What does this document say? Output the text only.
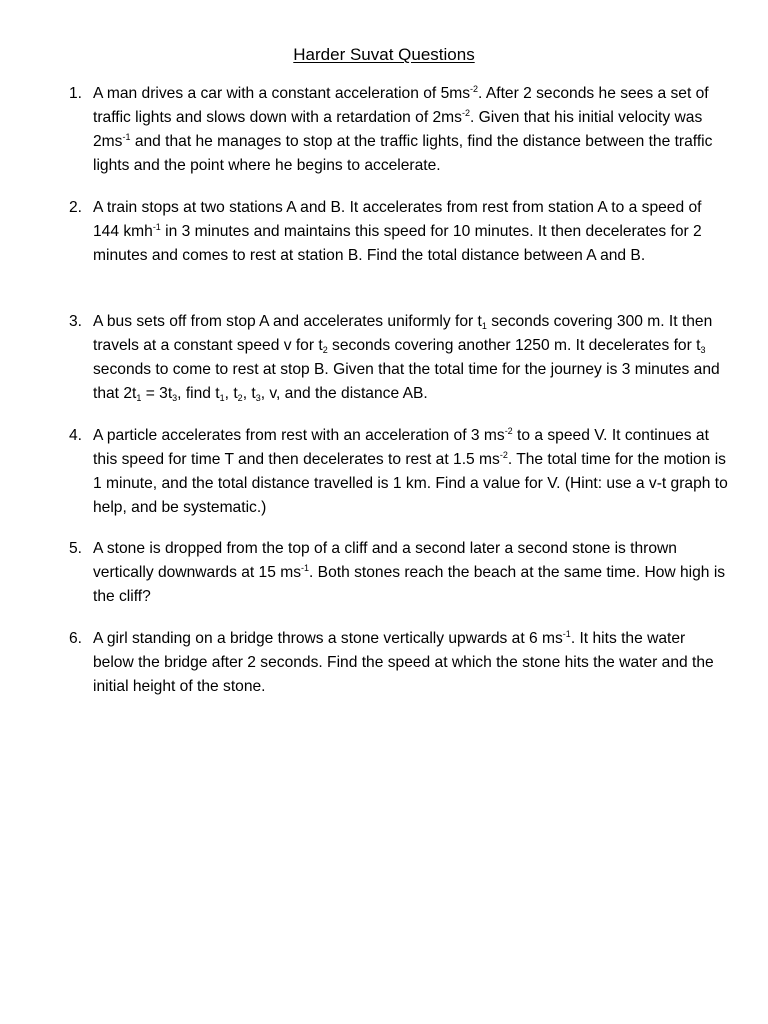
Harder Suvat Questions
1. A man drives a car with a constant acceleration of $5ms^{-2}$. After 2 seconds he sees a set of traffic lights and slows down with a retardation of $2ms^{-2}$. Given that his initial velocity was $2ms^{-1}$ and that he manages to stop at the traffic lights, find the distance between the traffic lights and the point where he begins to accelerate.
2. A train stops at two stations A and B. It accelerates from rest from station A to a speed of 144 kmh$^{-1}$ in 3 minutes and maintains this speed for 10 minutes. It then decelerates for 2 minutes and comes to rest at station B. Find the total distance between A and B.
3. A bus sets off from stop A and accelerates uniformly for $t_1$ seconds covering 300 m. It then travels at a constant speed v for $t_2$ seconds covering another 1250 m. It decelerates for $t_3$ seconds to come to rest at stop B. Given that the total time for the journey is 3 minutes and that $2t_1 = 3t_3$, find $t_1$, $t_2$, $t_3$, v, and the distance AB.
4. A particle accelerates from rest with an acceleration of 3 $ms^{-2}$ to a speed V. It continues at this speed for time T and then decelerates to rest at 1.5 $ms^{-2}$. The total time for the motion is 1 minute, and the total distance travelled is 1 km. Find a value for V. (Hint: use a v-t graph to help, and be systematic.)
5. A stone is dropped from the top of a cliff and a second later a second stone is thrown vertically downwards at 15 $ms^{-1}$. Both stones reach the beach at the same time. How high is the cliff?
6. A girl standing on a bridge throws a stone vertically upwards at 6 $ms^{-1}$. It hits the water below the bridge after 2 seconds. Find the speed at which the stone hits the water and the initial height of the stone.
